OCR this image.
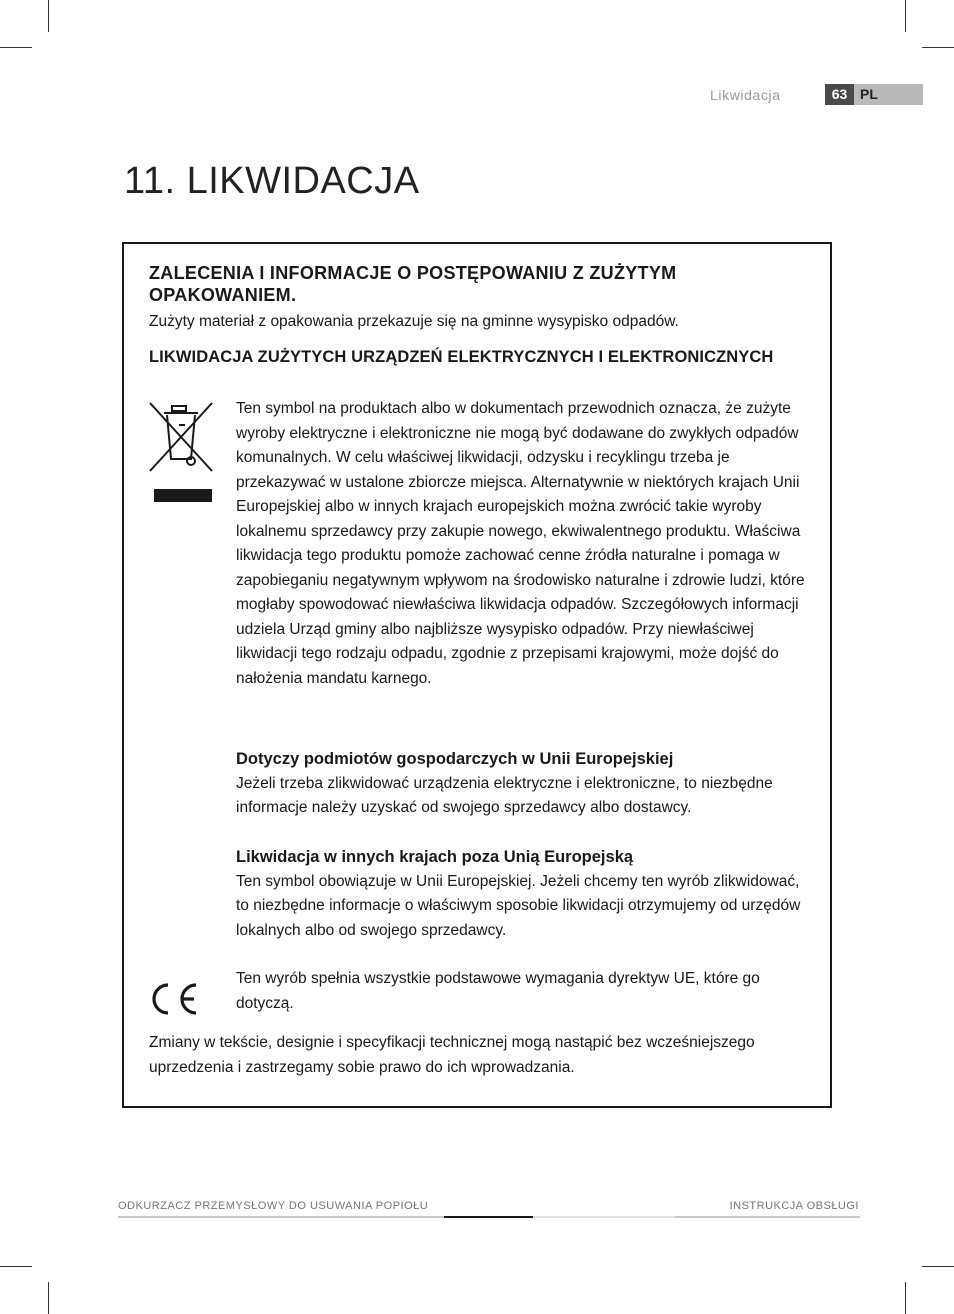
Likwidacja	63 PL
11. LIKWIDACJA
ZALECENIA I INFORMACJE O POSTĘPOWANIU Z ZUŻYTYM OPAKOWANIEM.
Zużyty materiał z opakowania przekazuje się na gminne wysypisko odpadów.
LIKWIDACJA ZUŻYTYCH URZĄDZEŃ ELEKTRYCZNYCH I ELEKTRONICZNYCH
Ten symbol na produktach albo w dokumentach przewodnich oznacza, że zużyte wyroby elektryczne i elektroniczne nie mogą być dodawane do zwykłych odpadów komunalnych. W celu właściwej likwidacji, odzysku i recyklingu trzeba je przekazywać w ustalone zbiorcze miejsca. Alternatywnie w niektórych krajach Unii Europejskiej albo w innych krajach europejskich można zwrócić takie wyroby lokalnemu sprzedawcy przy zakupie nowego, ekwiwalentnego produktu. Właściwa likwidacja tego produktu pomoże zachować cenne źródła naturalne i pomaga w zapobieganiu negatywnym wpływom na środowisko naturalne i zdrowie ludzi, które mogłaby spowodować niewłaściwa likwidacja odpadów. Szczegółowych informacji udziela Urząd gminy albo najbliższe wysypisko odpadów. Przy niewłaściwej likwidacji tego rodzaju odpadu, zgodnie z przepisami krajowymi, może dojść do nałożenia mandatu karnego.
Dotyczy podmiotów gospodarczych w Unii Europejskiej
Jeżeli trzeba zlikwidować urządzenia elektryczne i elektroniczne, to niezbędne informacje należy uzyskać od swojego sprzedawcy albo dostawcy.
Likwidacja w innych krajach poza Unią Europejską
Ten symbol obowiązuje w Unii Europejskiej. Jeżeli chcemy ten wyrób zlikwidować, to niezbędne informacje o właściwym sposobie likwidacji otrzymujemy od urzędów lokalnych albo od swojego sprzedawcy.
Ten wyrób spełnia wszystkie podstawowe wymagania dyrektyw UE, które go dotyczą.
Zmiany w tekście, designie i specyfikacji technicznej mogą nastąpić bez wcześniejszego uprzedzenia i zastrzegamy sobie prawo do ich wprowadzania.
ODKURZACZ PRZEMYSŁOWY DO USUWANIA POPIOŁU	INSTRUKCJA OBSŁUGI
